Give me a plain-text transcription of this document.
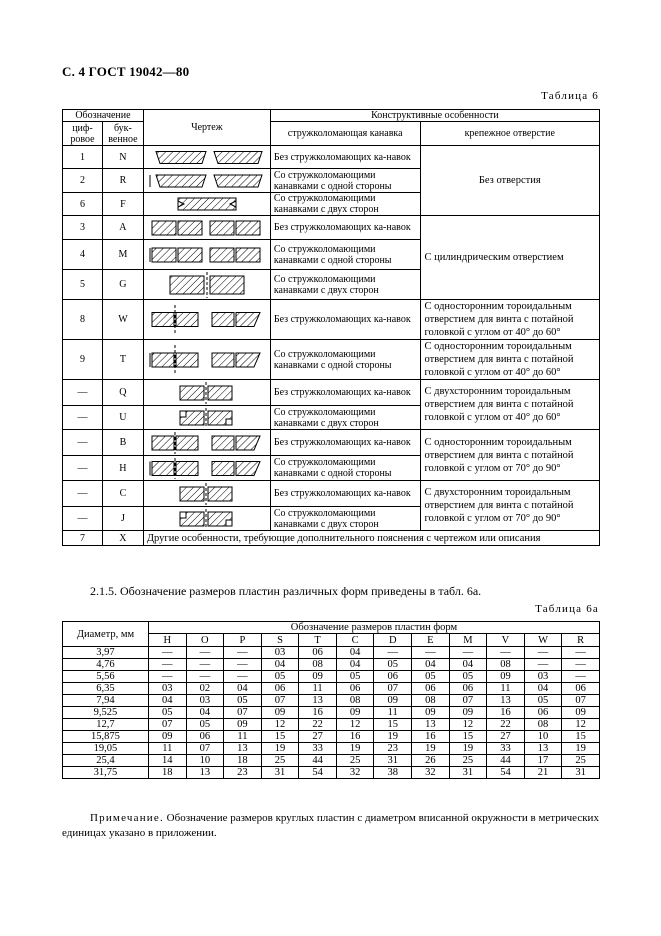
С. 4 ГОСТ 19042—80
Таблица 6
Обозначение		Чертеж	Конструктивные особенности	
циф-
ровое	бук-
венное		стружколомающая канавка	крепежное отверстие
1	N		Без стружколомающих ка-навок	Без отверстия
2	R		Со стружколомающими канавками с одной стороны	
6	F		Со стружколомающими канавками с двух сторон	
3	A		Без стружколомающих ка-навок	С цилиндрическим отверстием
4	M		Со стружколомающими канавками с одной стороны	
5	G		Со стружколомающими канавками с двух сторон	
8	W		Без стружколомающих ка-навок	С односторонним тороидальным отверстием для винта с потайной головкой с углом от 40° до 60°
9	T		Со стружколомающими канавками с одной стороны	С односторонним тороидальным отверстием для винта с потайной головкой с углом от 40° до 60°
—	Q		Без стружколомающих ка-навок	С двухсторонним тороидальным отверстием для винта с потайной головкой с углом от 40° до 60°
—	U		Со стружколомающими канавками с двух сторон	
—	B		Без стружколомающих ка-навок	С односторонним тороидальным отверстием для винта с потайной головкой с углом от 70° до 90°
—	H		Со стружколомающими канавками с одной стороны	
—	C		Без стружколомающих ка-навок	С двухсторонним тороидальным отверстием для винта с потайной головкой с углом от 70° до 90°
—	J		Со стружколомающими канавками с двух сторон	
7	X	Другие особенности, требующие дополнительного пояснения с чертежом или описания		
2.1.5. Обозначение размеров пластин различных форм приведены в табл. 6а.
Таблица 6а
Диаметр, мм	Обозначение размеров пластин форм											
	H	O	P	S	T	C	D	E	M	V	W	R
3,97	—	—	—	03	06	04	—	—	—	—	—	—
4,76	—	—	—	04	08	04	05	04	04	08	—	—
5,56	—	—	—	05	09	05	06	05	05	09	03	—
6,35	03	02	04	06	11	06	07	06	06	11	04	06
7,94	04	03	05	07	13	08	09	08	07	13	05	07
9,525	05	04	07	09	16	09	11	09	09	16	06	09
12,7	07	05	09	12	22	12	15	13	12	22	08	12
15,875	09	06	11	15	27	16	19	16	15	27	10	15
19,05	11	07	13	19	33	19	23	19	19	33	13	19
25,4	14	10	18	25	44	25	31	26	25	44	17	25
31,75	18	13	23	31	54	32	38	32	31	54	21	31
Примечание. Обозначение размеров круглых пластин с диаметром вписанной окружности в метрических единицах указано в приложении.
